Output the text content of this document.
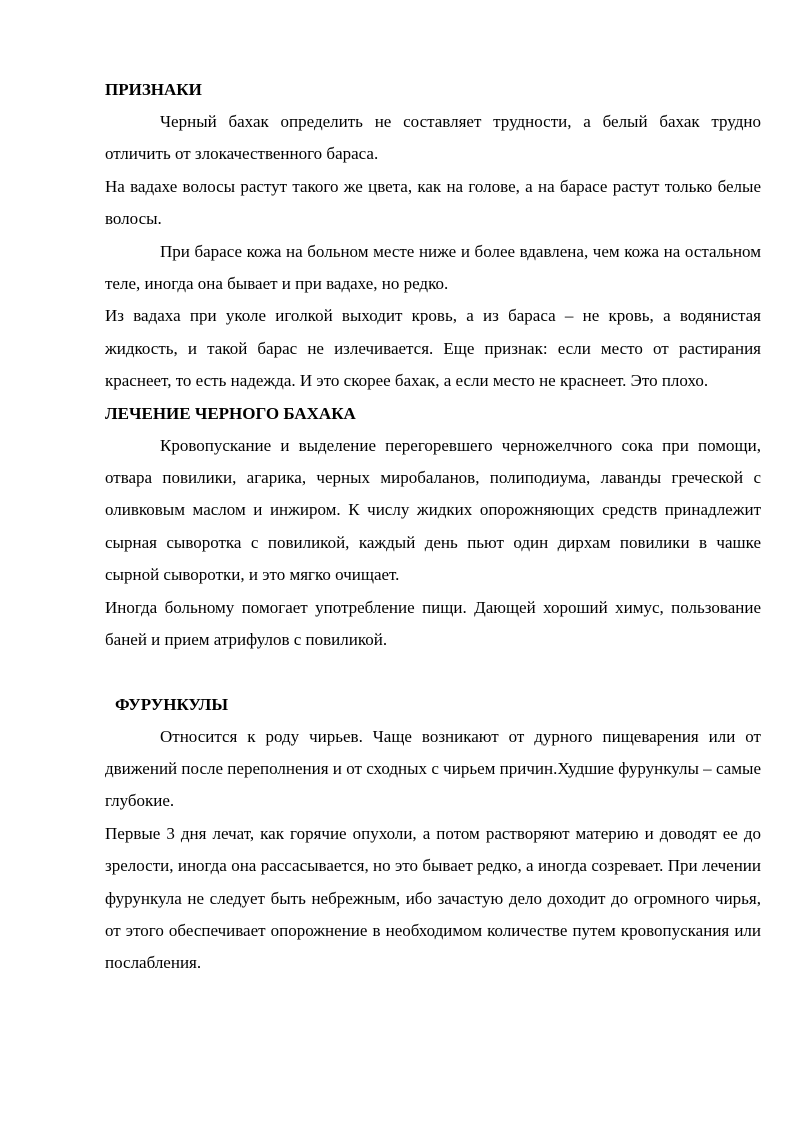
ПРИЗНАКИ

Черный бахак определить не составляет трудности, а белый бахак трудно отличить от злокачественного бараса.

На вадахе волосы растут такого же цвета, как на голове, а на барасе растут только белые волосы.

При барасе кожа на больном месте ниже и более вдавлена, чем кожа на остальном теле, иногда она бывает и при вадахе, но редко.

Из вадаха при уколе иголкой выходит кровь, а из бараса – не кровь, а водянистая жидкость, и такой барас не излечивается. Еще признак: если место от растирания краснеет, то есть надежда. И это скорее бахак, а если место не краснеет. Это плохо.

ЛЕЧЕНИЕ ЧЕРНОГО БАХАКА

Кровопускание и выделение перегоревшего черножелчного сока при помощи, отвара повилики, агарика, черных миробаланов, полиподиума, лаванды греческой с оливковым маслом и инжиром. К числу жидких опорожняющих средств принадлежит сырная сыворотка с повиликой, каждый день пьют один дирхам повилики в чашке сырной сыворотки, и это мягко очищает.

Иногда больному помогает употребление пищи. Дающей хороший химус, пользование баней и прием атрифулов с повиликой.

ФУРУНКУЛЫ

Относится к роду чирьев. Чаще возникают от дурного пищеварения или от движений после переполнения и от сходных с чирьем причин.Худшие фурункулы – самые глубокие.

Первые 3 дня лечат, как горячие опухоли, а потом растворяют материю и доводят ее до зрелости, иногда она рассасывается, но это бывает редко, а иногда созревает. При лечении фурункула не следует быть небрежным, ибо зачастую дело доходит до огромного чирья, от этого обеспечивает опорожнение в необходимом количестве путем кровопускания или послабления.
